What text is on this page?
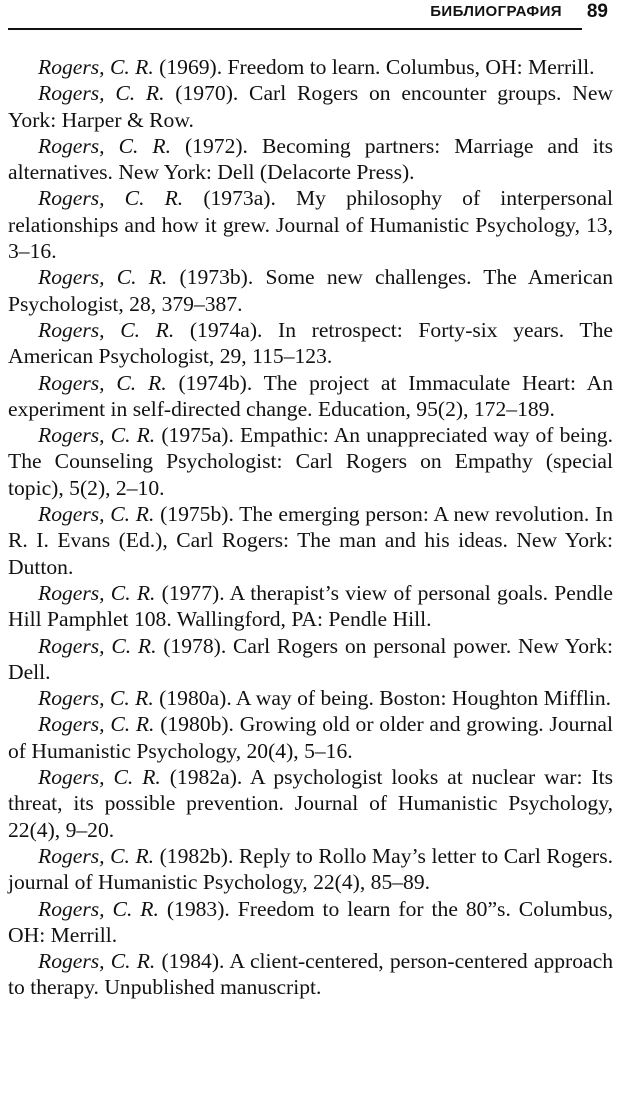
БИБЛИОГРАФИЯ 89

Rogers, C. R. (1969). Freedom to learn. Columbus, OH: Merrill.

Rogers, C. R. (1970). Carl Rogers on encounter groups. New York: Harper & Row.

Rogers, C. R. (1972). Becoming partners: Marriage and its alternatives. New York: Dell (Delacorte Press).

Rogers, C. R. (1973a). My philosophy of interpersonal relationships and how it grew. Journal of Humanistic Psychology, 13, 3–16.

Rogers, C. R. (1973b). Some new challenges. The American Psychologist, 28, 379–387.

Rogers, C. R. (1974a). In retrospect: Forty-six years. The American Psychologist, 29, 115–123.

Rogers, C. R. (1974b). The project at Immaculate Heart: An experiment in self-directed change. Education, 95(2), 172–189.

Rogers, C. R. (1975a). Empathic: An unappreciated way of being. The Counseling Psychologist: Carl Rogers on Empathy (special topic), 5(2), 2–10.

Rogers, C. R. (1975b). The emerging person: A new revolution. In R. I. Evans (Ed.), Carl Rogers: The man and his ideas. New York: Dutton.

Rogers, C. R. (1977). A therapist’s view of personal goals. Pendle Hill Pamphlet 108. Wallingford, PA: Pendle Hill.

Rogers, C. R. (1978). Carl Rogers on personal power. New York: Dell.

Rogers, C. R. (1980a). A way of being. Boston: Houghton Mifflin.

Rogers, C. R. (1980b). Growing old or older and growing. Journal of Humanistic Psychology, 20(4), 5–16.

Rogers, C. R. (1982a). A psychologist looks at nuclear war: Its threat, its possible prevention. Journal of Humanistic Psychology, 22(4), 9–20.

Rogers, C. R. (1982b). Reply to Rollo May’s letter to Carl Rogers. journal of Humanistic Psychology, 22(4), 85–89.

Rogers, C. R. (1983). Freedom to learn for the 80”s. Columbus, OH: Merrill.

Rogers, C. R. (1984). A client-centered, person-centered approach to therapy. Unpublished manuscript.
